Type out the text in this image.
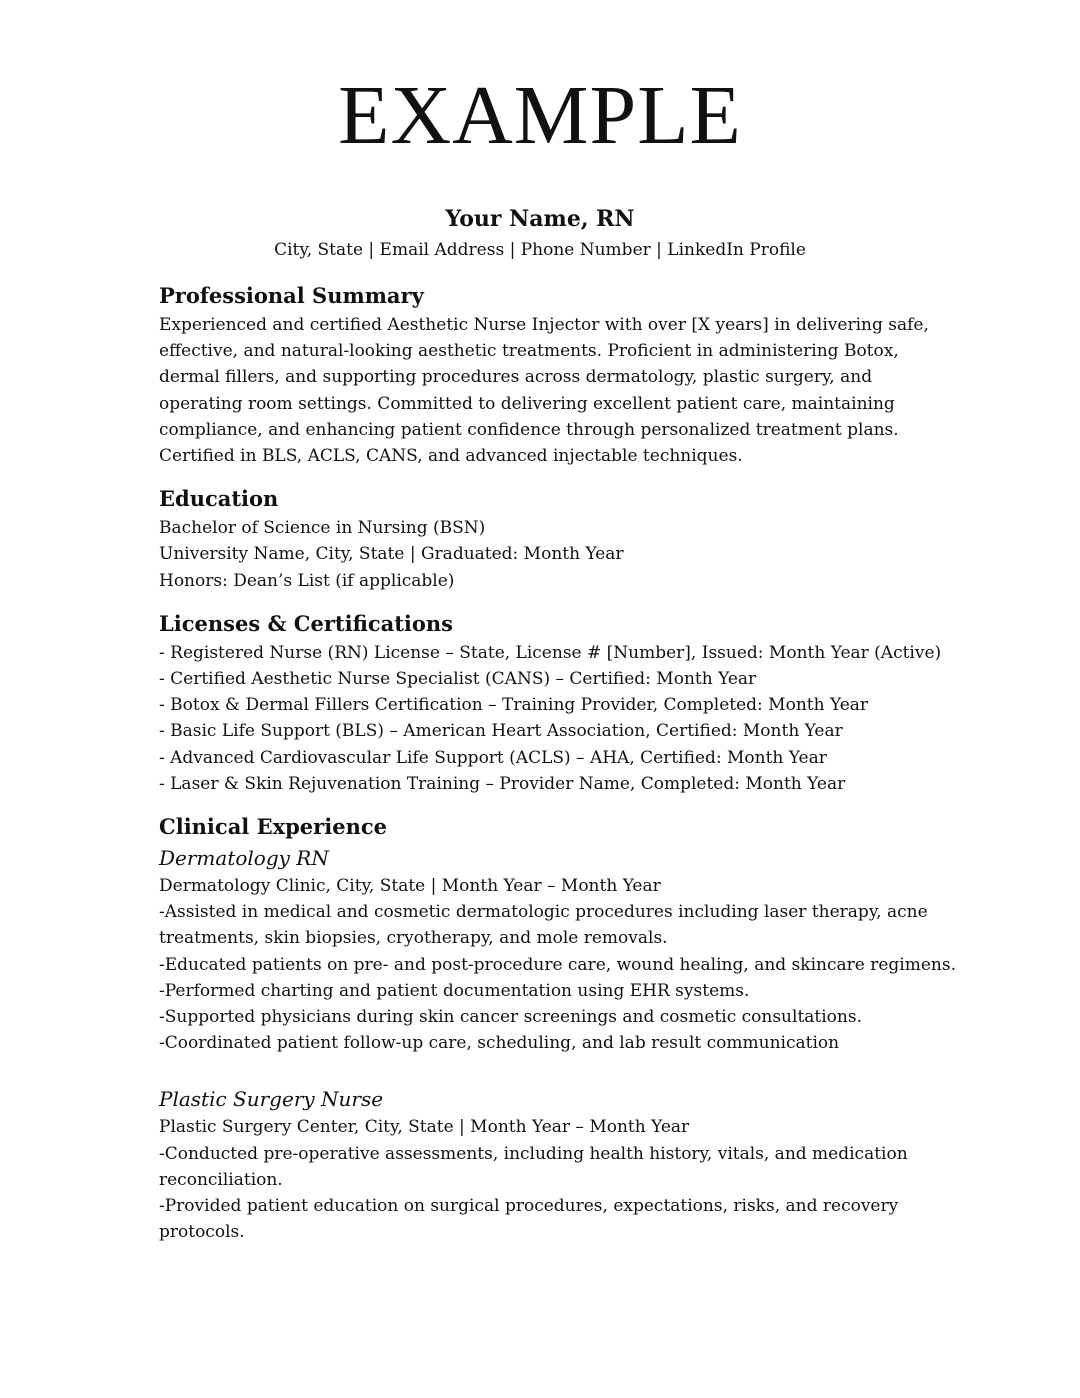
EXAMPLE
Your Name, RN
City, State | Email Address | Phone Number | LinkedIn Profile
Professional Summary

Experienced and certified Aesthetic Nurse Injector with over [X years] in delivering safe,

effective, and natural-looking aesthetic treatments. Proficient in administering Botox,

dermal fillers, and supporting procedures across dermatology, plastic surgery, and

operating room settings. Committed to delivering excellent patient care, maintaining

compliance, and enhancing patient confidence through personalized treatment plans.

Certified in BLS, ACLS, CANS, and advanced injectable techniques.

Education

Bachelor of Science in Nursing (BSN)

University Name, City, State | Graduated: Month Year

Honors: Dean’s List (if applicable)

Licenses & Certifications

- Registered Nurse (RN) License – State, License # [Number], Issued: Month Year (Active)

- Certified Aesthetic Nurse Specialist (CANS) – Certified: Month Year

- Botox & Dermal Fillers Certification – Training Provider, Completed: Month Year

- Basic Life Support (BLS) – American Heart Association, Certified: Month Year

- Advanced Cardiovascular Life Support (ACLS) – AHA, Certified: Month Year

- Laser & Skin Rejuvenation Training – Provider Name, Completed: Month Year

Clinical Experience

Dermatology RN

Dermatology Clinic, City, State | Month Year – Month Year

-Assisted in medical and cosmetic dermatologic procedures including laser therapy, acne

treatments, skin biopsies, cryotherapy, and mole removals.

-Educated patients on pre- and post-procedure care, wound healing, and skincare regimens.

-Performed charting and patient documentation using EHR systems.

-Supported physicians during skin cancer screenings and cosmetic consultations.

-Coordinated patient follow-up care, scheduling, and lab result communication

Plastic Surgery Nurse

Plastic Surgery Center, City, State | Month Year – Month Year

-Conducted pre-operative assessments, including health history, vitals, and medication

reconciliation.

-Provided patient education on surgical procedures, expectations, risks, and recovery

protocols.
